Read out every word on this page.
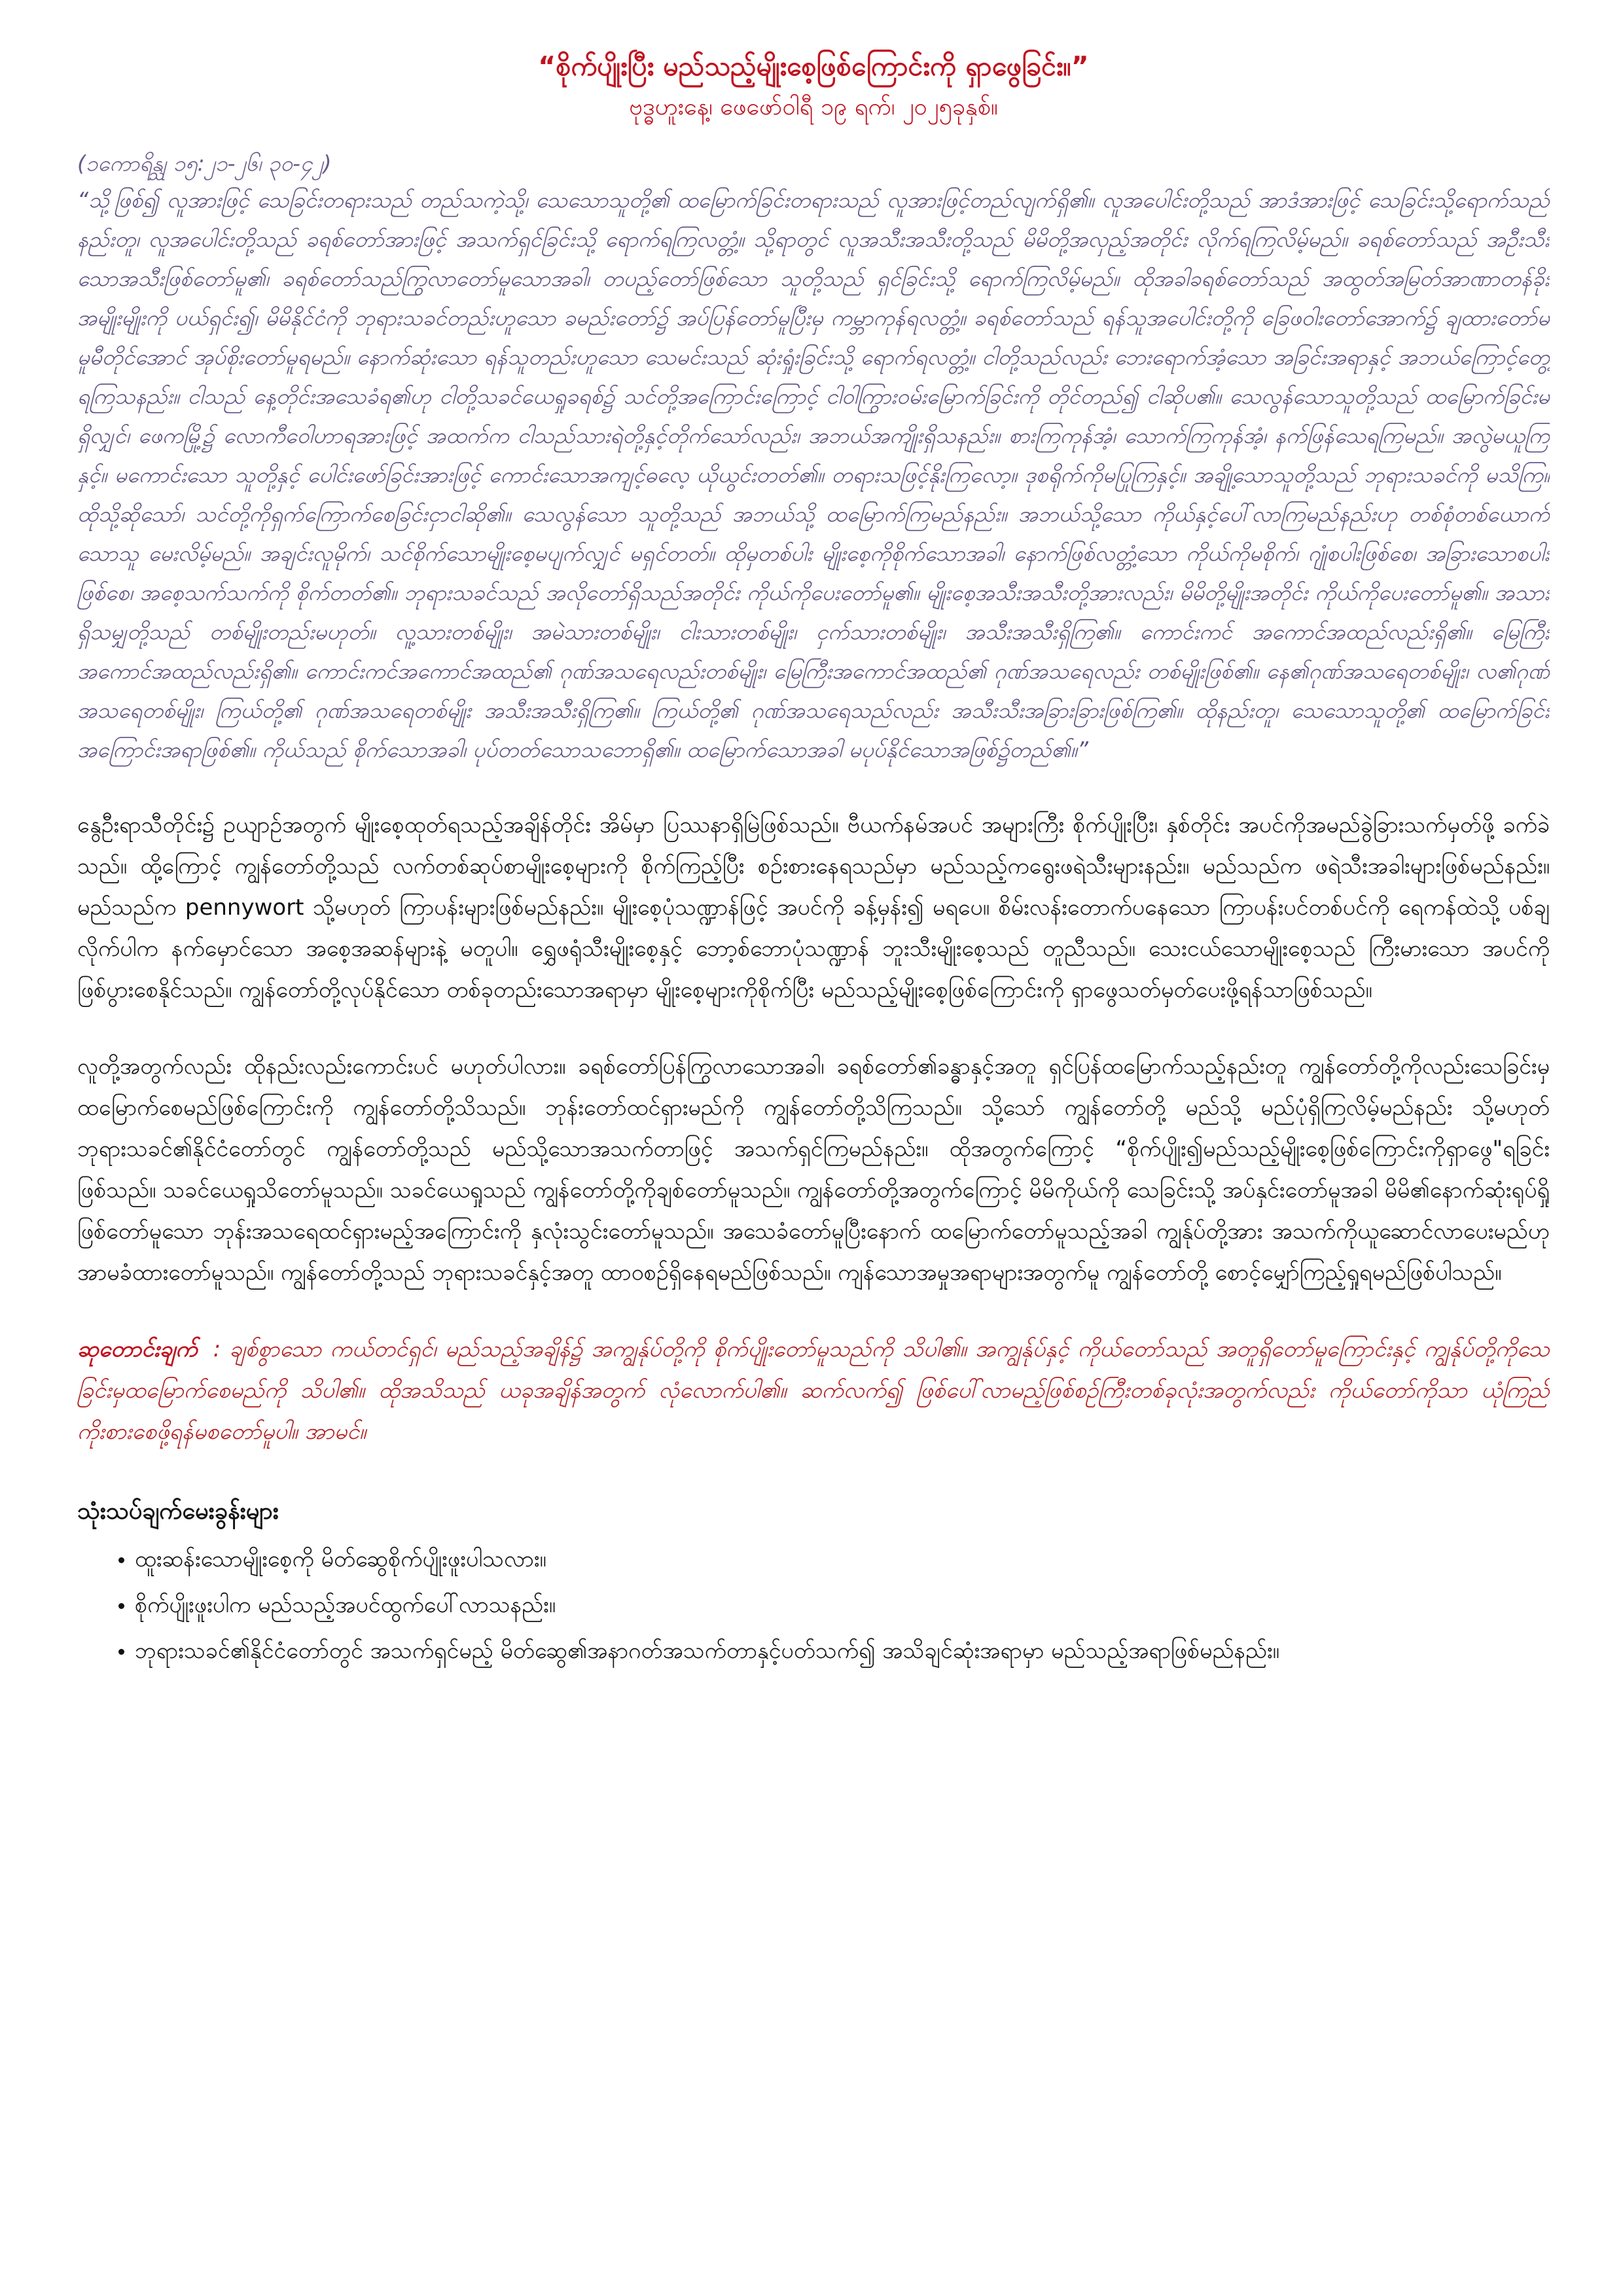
“စိုက်ပျိုးပြီး မည်သည့်မျိုးစေ့ဖြစ်ကြောင်းကို ရှာဖွေခြင်း။”

ဗုဒ္ဓဟူးနေ့၊ ဖေဖော်ဝါရီ ၁၉ ရက်၊ ၂၀၂၅ခုနှစ်။

(၁ကောရိန္သု ၁၅:၂၁-၂၆၊ ၃၀-၄၂)

“သို့ဖြစ်၍ လူအားဖြင့် သေခြင်းတရားသည် တည်သကဲ့သို့၊ သေသောသူတို့၏ ထမြောက်ခြင်းတရားသည် လူအားဖြင့်တည်လျက်ရှိ၏။ လူအပေါင်းတို့သည် အာဒံအားဖြင့် သေခြင်းသို့ရောက်သည်နည်းတူ၊ လူအပေါင်းတို့သည် ခရစ်တော်အားဖြင့် အသက်ရှင်ခြင်းသို့ ရောက်ရကြလတ္တံ့။ သို့ရာတွင် လူအသီးအသီးတို့သည် မိမိတို့အလှည့်အတိုင်း လိုက်ရကြလိမ့်မည်။ ခရစ်တော်သည် အဦးသီးသောအသီးဖြစ်တော်မူ၏၊ ခရစ်တော်သည်ကြွလာတော်မူသောအခါ၊ တပည့်တော်ဖြစ်သော သူတို့သည် ရှင်ခြင်းသို့ ရောက်ကြလိမ့်မည်။ ထိုအခါခရစ်တော်သည် အထွတ်အမြတ်အာဏာတန်ခိုးအမျိုးမျိုးကို ပယ်ရှင်း၍၊ မိမိနိုင်ငံကို ဘုရားသခင်တည်းဟူသော ခမည်းတော်၌ အပ်ပြန်တော်မူပြီးမှ ကမ္ဘာကုန်ရလတ္တံ့။ ခရစ်တော်သည် ရန်သူအပေါင်းတို့ကို ခြေဖဝါးတော်အောက်၌ ချထားတော်မမူမီတိုင်အောင် အုပ်စိုးတော်မူရမည်။ နောက်ဆုံးသော ရန်သူတည်းဟူသော သေမင်းသည် ဆုံးရှုံးခြင်းသို့ ရောက်ရလတ္တံ့။ ငါတို့သည်လည်း ဘေးရောက်အံ့သော အခြင်းအရာနှင့် အဘယ်ကြောင့်တွေ့ရကြသနည်း။ ငါသည် နေ့တိုင်းအသေခံရ၏ဟု ငါတို့သခင်ယေရှုခရစ်၌ သင်တို့အကြောင်းကြောင့် ငါဝါကြွားဝမ်းမြောက်ခြင်းကို တိုင်တည်၍ ငါဆိုပ၏။ သေလွန်သောသူတို့သည် ထမြောက်ခြင်းမရှိလျှင်၊ ဖေကမြို့၌ လောကီဝေါဟာရအားဖြင့် အထက်က ငါသည်သားရဲတို့နှင့်တိုက်သော်လည်း၊ အဘယ်အကျိုးရှိသနည်း။ စားကြကုန်အံ့၊ သောက်ကြကုန်အံ့၊ နက်ဖြန်သေရကြမည်။ အလွဲမယူကြနှင့်။ မကောင်းသော သူတို့နှင့် ပေါင်းဖော်ခြင်းအားဖြင့် ကောင်းသောအကျင့်ဓလေ့ ယိုယွင်းတတ်၏။ တရားသဖြင့်နိုးကြလော့။ ဒုစရိုက်ကိုမပြုကြနှင့်။ အချို့သောသူတို့သည် ဘုရားသခင်ကို မသိကြ။ ထိုသို့ဆိုသော်၊ သင်တို့ကိုရှက်ကြောက်စေခြင်းငှာငါဆို၏။ သေလွန်သော သူတို့သည် အဘယ်သို့ ထမြောက်ကြမည်နည်း။ အဘယ်သို့သော ကိုယ်နှင့်ပေါ်လာကြမည်နည်းဟု တစ်စုံတစ်ယောက်သောသူ မေးလိမ့်မည်။ အချင်းလူမိုက်၊ သင်စိုက်သောမျိုးစေ့မပျက်လျှင် မရှင်တတ်။ ထိုမှတစ်ပါး မျိုးစေ့ကိုစိုက်သောအခါ၊ နောက်ဖြစ်လတ္တံ့သော ကိုယ်ကိုမစိုက်၊ ဂျုံစပါးဖြစ်စေ၊ အခြားသောစပါးဖြစ်စေ၊ အစေ့သက်သက်ကို စိုက်တတ်၏။ ဘုရားသခင်သည် အလိုတော်ရှိသည်အတိုင်း ကိုယ်ကိုပေးတော်မူ၏။ မျိုးစေ့အသီးအသီးတို့အားလည်း၊ မိမိတို့မျိုးအတိုင်း ကိုယ်ကိုပေးတော်မူ၏။ အသားရှိသမျှတို့သည် တစ်မျိုးတည်းမဟုတ်။ လူ့သားတစ်မျိုး၊ အမဲသားတစ်မျိုး၊ ငါးသားတစ်မျိုး၊ ငှက်သားတစ်မျိုး၊ အသီးအသီးရှိကြ၏။ ကောင်းကင် အကောင်အထည်လည်းရှိ၏။ မြေကြီးအကောင်အထည်လည်းရှိ၏။ ကောင်းကင်အကောင်အထည်၏ ဂုဏ်အသရေလည်းတစ်မျိုး၊ မြေကြီးအကောင်အထည်၏ ဂုဏ်အသရေလည်း တစ်မျိုးဖြစ်၏။ နေ၏ဂုဏ်အသရေတစ်မျိုး၊ လ၏ဂုဏ်အသရေတစ်မျိုး၊ ကြယ်တို့၏ ဂုဏ်အသရေတစ်မျိုး အသီးအသီးရှိကြ၏။ ကြယ်တို့၏ ဂုဏ်အသရေသည်လည်း အသီးသီးအခြားခြားဖြစ်ကြ၏။ ထိုနည်းတူ၊ သေသောသူတို့၏ ထမြောက်ခြင်းအကြောင်းအရာဖြစ်၏။ ကိုယ်သည် စိုက်သောအခါ၊ ပုပ်တတ်သောသဘောရှိ၏။ ထမြောက်သောအခါ မပုပ်နိုင်သောအဖြစ်၌တည်၏။”

နွေဦးရာသီတိုင်း၌ ဥယျာဉ်အတွက် မျိုးစေ့ထုတ်ရသည့်အချိန်တိုင်း အိမ်မှာ ပြဿနာရှိမြဲဖြစ်သည်။ ဗီယက်နမ်အပင် အများကြီး စိုက်ပျိုးပြီး၊ နှစ်တိုင်း အပင်ကိုအမည်ခွဲခြားသက်မှတ်ဖို့ ခက်ခဲသည်။ ထို့ကြောင့် ကျွန်တော်တို့သည် လက်တစ်ဆုပ်စာမျိုးစေ့များကို စိုက်ကြည့်ပြီး စဉ်းစားနေရသည်မှာ မည်သည့်ကရွေးဖရဲသီးများနည်း။ မည်သည်က ဖရဲသီးအခါးများဖြစ်မည်နည်း။ မည်သည်က pennywort သို့မဟုတ် ကြာပန်းများဖြစ်မည်နည်း။ မျိုးစေ့ပုံသဏ္ဍာန်ဖြင့် အပင်ကို ခန့်မှန်း၍ မရပေ။ စိမ်းလန်းတောက်ပနေသော ကြာပန်းပင်တစ်ပင်ကို ရေကန်ထဲသို့ ပစ်ချလိုက်ပါက နက်မှောင်သော အစေ့အဆန်များနဲ့ မတူပါ။ ရွှေဖရုံသီးမျိုးစေ့နှင့် ဘော့စ်ဘောပုံသဏ္ဍာန် ဘူးသီးမျိုးစေ့သည် တူညီသည်။ သေးငယ်သောမျိုးစေ့သည် ကြီးမားသော အပင်ကို ဖြစ်ပွားစေနိုင်သည်။ ကျွန်တော်တို့လုပ်နိုင်သော တစ်ခုတည်းသောအရာမှာ မျိုးစေ့များကိုစိုက်ပြီး မည်သည့်မျိုးစေ့ဖြစ်ကြောင်းကို ရှာဖွေသတ်မှတ်ပေးဖို့ရန်သာဖြစ်သည်။

လူတို့အတွက်လည်း ထိုနည်းလည်းကောင်းပင် မဟုတ်ပါလား။ ခရစ်တော်ပြန်ကြွလာသောအခါ၊ ခရစ်တော်၏ခန္ဓာနှင့်အတူ ရှင်ပြန်ထမြောက်သည့်နည်းတူ ကျွန်တော်တို့ကိုလည်းသေခြင်းမှ ထမြောက်စေမည်ဖြစ်ကြောင်းကို ကျွန်တော်တို့သိသည်။ ဘုန်းတော်ထင်ရှားမည်ကို ကျွန်တော်တို့သိကြသည်။ သို့သော် ကျွန်တော်တို့ မည်သို့ မည်ပုံရှိကြလိမ့်မည်နည်း သို့မဟုတ် ဘုရားသခင်၏နိုင်ငံတော်တွင် ကျွန်တော်တို့သည် မည်သို့သောအသက်တာဖြင့် အသက်ရှင်ကြမည်နည်း။ ထိုအတွက်ကြောင့် “စိုက်ပျိုး၍မည်သည့်မျိုးစေ့ဖြစ်ကြောင်းကိုရှာဖွေ"ရခြင်းဖြစ်သည်။ သခင်ယေရှုသိတော်မူသည်။ သခင်ယေရှုသည် ကျွန်တော်တို့ကိုချစ်တော်မူသည်။ ကျွန်တော်တို့အတွက်ကြောင့် မိမိကိုယ်ကို သေခြင်းသို့ အပ်နှင်းတော်မူအခါ မိမိ၏နောက်ဆုံးရုပ်ရှိုဖြစ်တော်မူသော ဘုန်းအသရေထင်ရှားမည့်အကြောင်းကို နှလုံးသွင်းတော်မူသည်။ အသေခံတော်မူပြီးနောက် ထမြောက်တော်မူသည့်အခါ ကျွန်ုပ်တို့အား အသက်ကိုယူဆောင်လာပေးမည်ဟု အာမခံထားတော်မူသည်။ ကျွန်တော်တို့သည် ဘုရားသခင်နှင့်အတူ ထာဝစဉ်ရှိနေရမည်ဖြစ်သည်။ ကျန်သောအမှုအရာများအတွက်မူ ကျွန်တော်တို့ စောင့်မျှော်ကြည့်ရှုရမည်ဖြစ်ပါသည်။

ဆုတောင်းချက် : ချစ်စွာသော ကယ်တင်ရှင်၊ မည်သည့်အချိန်၌ အကျွန်ုပ်တို့ကို စိုက်ပျိုးတော်မူသည်ကို သိပါ၏။ အကျွန်ုပ်နှင့် ကိုယ်တော်သည် အတူရှိတော်မူကြောင်းနှင့် ကျွန်ုပ်တို့ကိုသေခြင်းမှထမြောက်စေမည်ကို သိပါ၏။ ထိုအသိသည် ယခုအချိန်အတွက် လုံလောက်ပါ၏။ ဆက်လက်၍ ဖြစ်ပေါ်လာမည့်ဖြစ်စဉ်ကြီးတစ်ခုလုံးအတွက်လည်း ကိုယ်တော်ကိုသာ ယုံကြည်ကိုးစားစေဖို့ရန်မစတော်မူပါ။ အာမင်။

သုံးသပ်ချက်မေးခွန်းများ
• ထူးဆန်းသောမျိုးစေ့ကို မိတ်ဆွေစိုက်ပျိုးဖူးပါသလား။
• စိုက်ပျိုးဖူးပါက မည်သည့်အပင်ထွက်ပေါ်လာသနည်း။
• ဘုရားသခင်၏နိုင်ငံတော်တွင် အသက်ရှင်မည့် မိတ်ဆွေ၏အနာဂတ်အသက်တာနှင့်ပတ်သက်၍ အသိချင်ဆုံးအရာမှာ မည်သည့်အရာဖြစ်မည်နည်း။
